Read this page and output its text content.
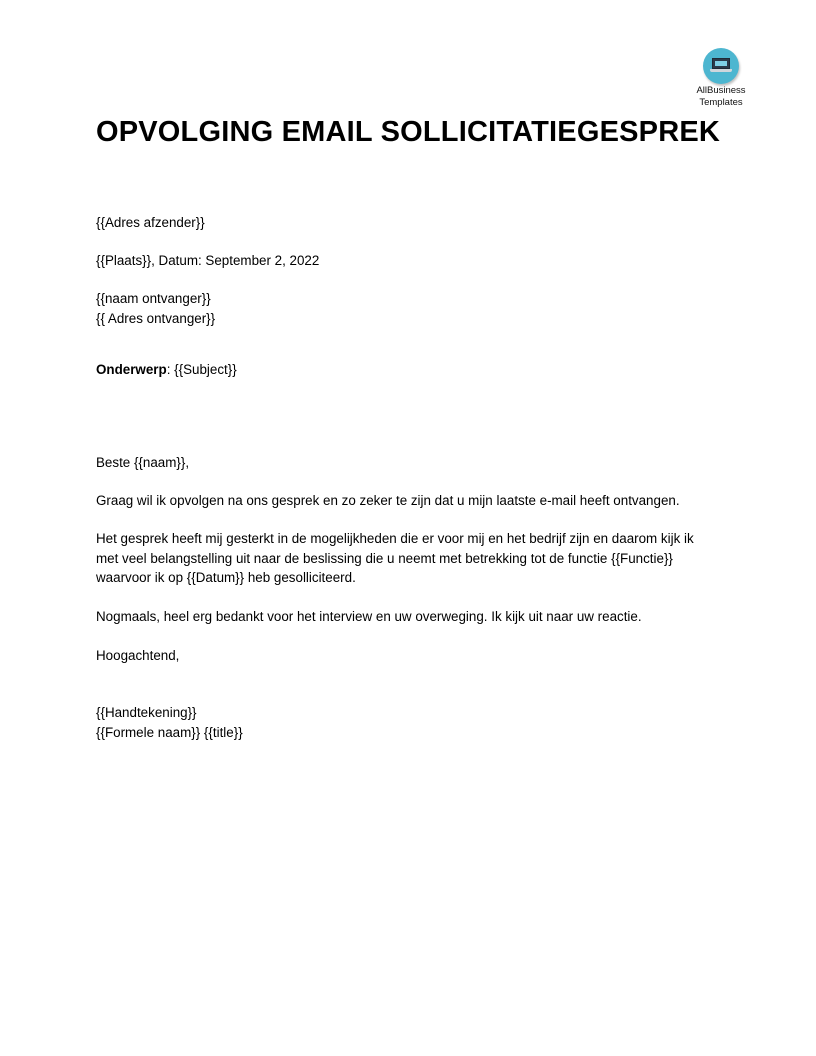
AllBusiness
Templates
OPVOLGING EMAIL SOLLICITATIEGESPREK
{{Adres afzender}}
{{Plaats}}, Datum: September 2, 2022
{{naam ontvanger}}
{{ Adres ontvanger}}
Onderwerp: {{Subject}}
Beste {{naam}},
Graag wil ik opvolgen na ons gesprek en zo zeker te zijn dat u mijn laatste e-mail heeft ontvangen.
Het gesprek heeft mij gesterkt in de mogelijkheden die er voor mij en het bedrijf zijn en daarom kijk ik
met veel belangstelling uit naar de beslissing die u neemt met betrekking tot de functie {{Functie}}
waarvoor ik op {{Datum}} heb gesolliciteerd.
Nogmaals, heel erg bedankt voor het interview en uw overweging. Ik kijk uit naar uw reactie.
Hoogachtend,
{{Handtekening}}
{{Formele naam}} {{title}}
